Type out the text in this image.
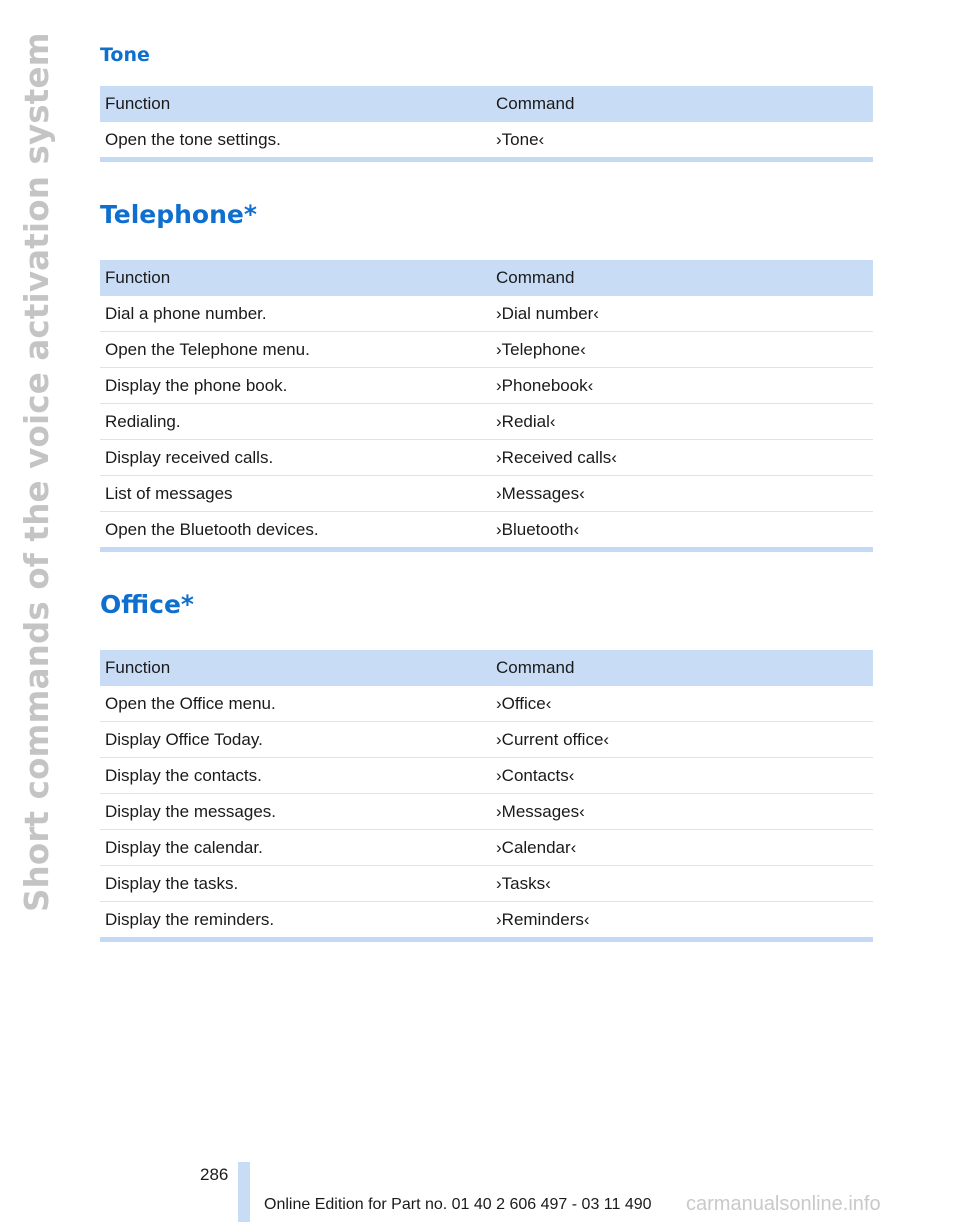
Short commands of the voice activation system Tone
Function	Command
Open the tone settings.	›Tone‹
Telephone*
Function	Command
Dial a phone number.	›Dial number‹
Open the Telephone menu.	›Telephone‹
Display the phone book.	›Phonebook‹
Redialing.	›Redial‹
Display received calls.	›Received calls‹
List of messages	›Messages‹
Open the Bluetooth devices.	›Bluetooth‹
Office*
Function	Command
Open the Office menu.	›Office‹
Display Office Today.	›Current office‹
Display the contacts.	›Contacts‹
Display the messages.	›Messages‹
Display the calendar.	›Calendar‹
Display the tasks.	›Tasks‹
Display the reminders.	›Reminders‹
286
Online Edition for Part no. 01 40 2 606 497 - 03 11 490 carmanualsonline.info
